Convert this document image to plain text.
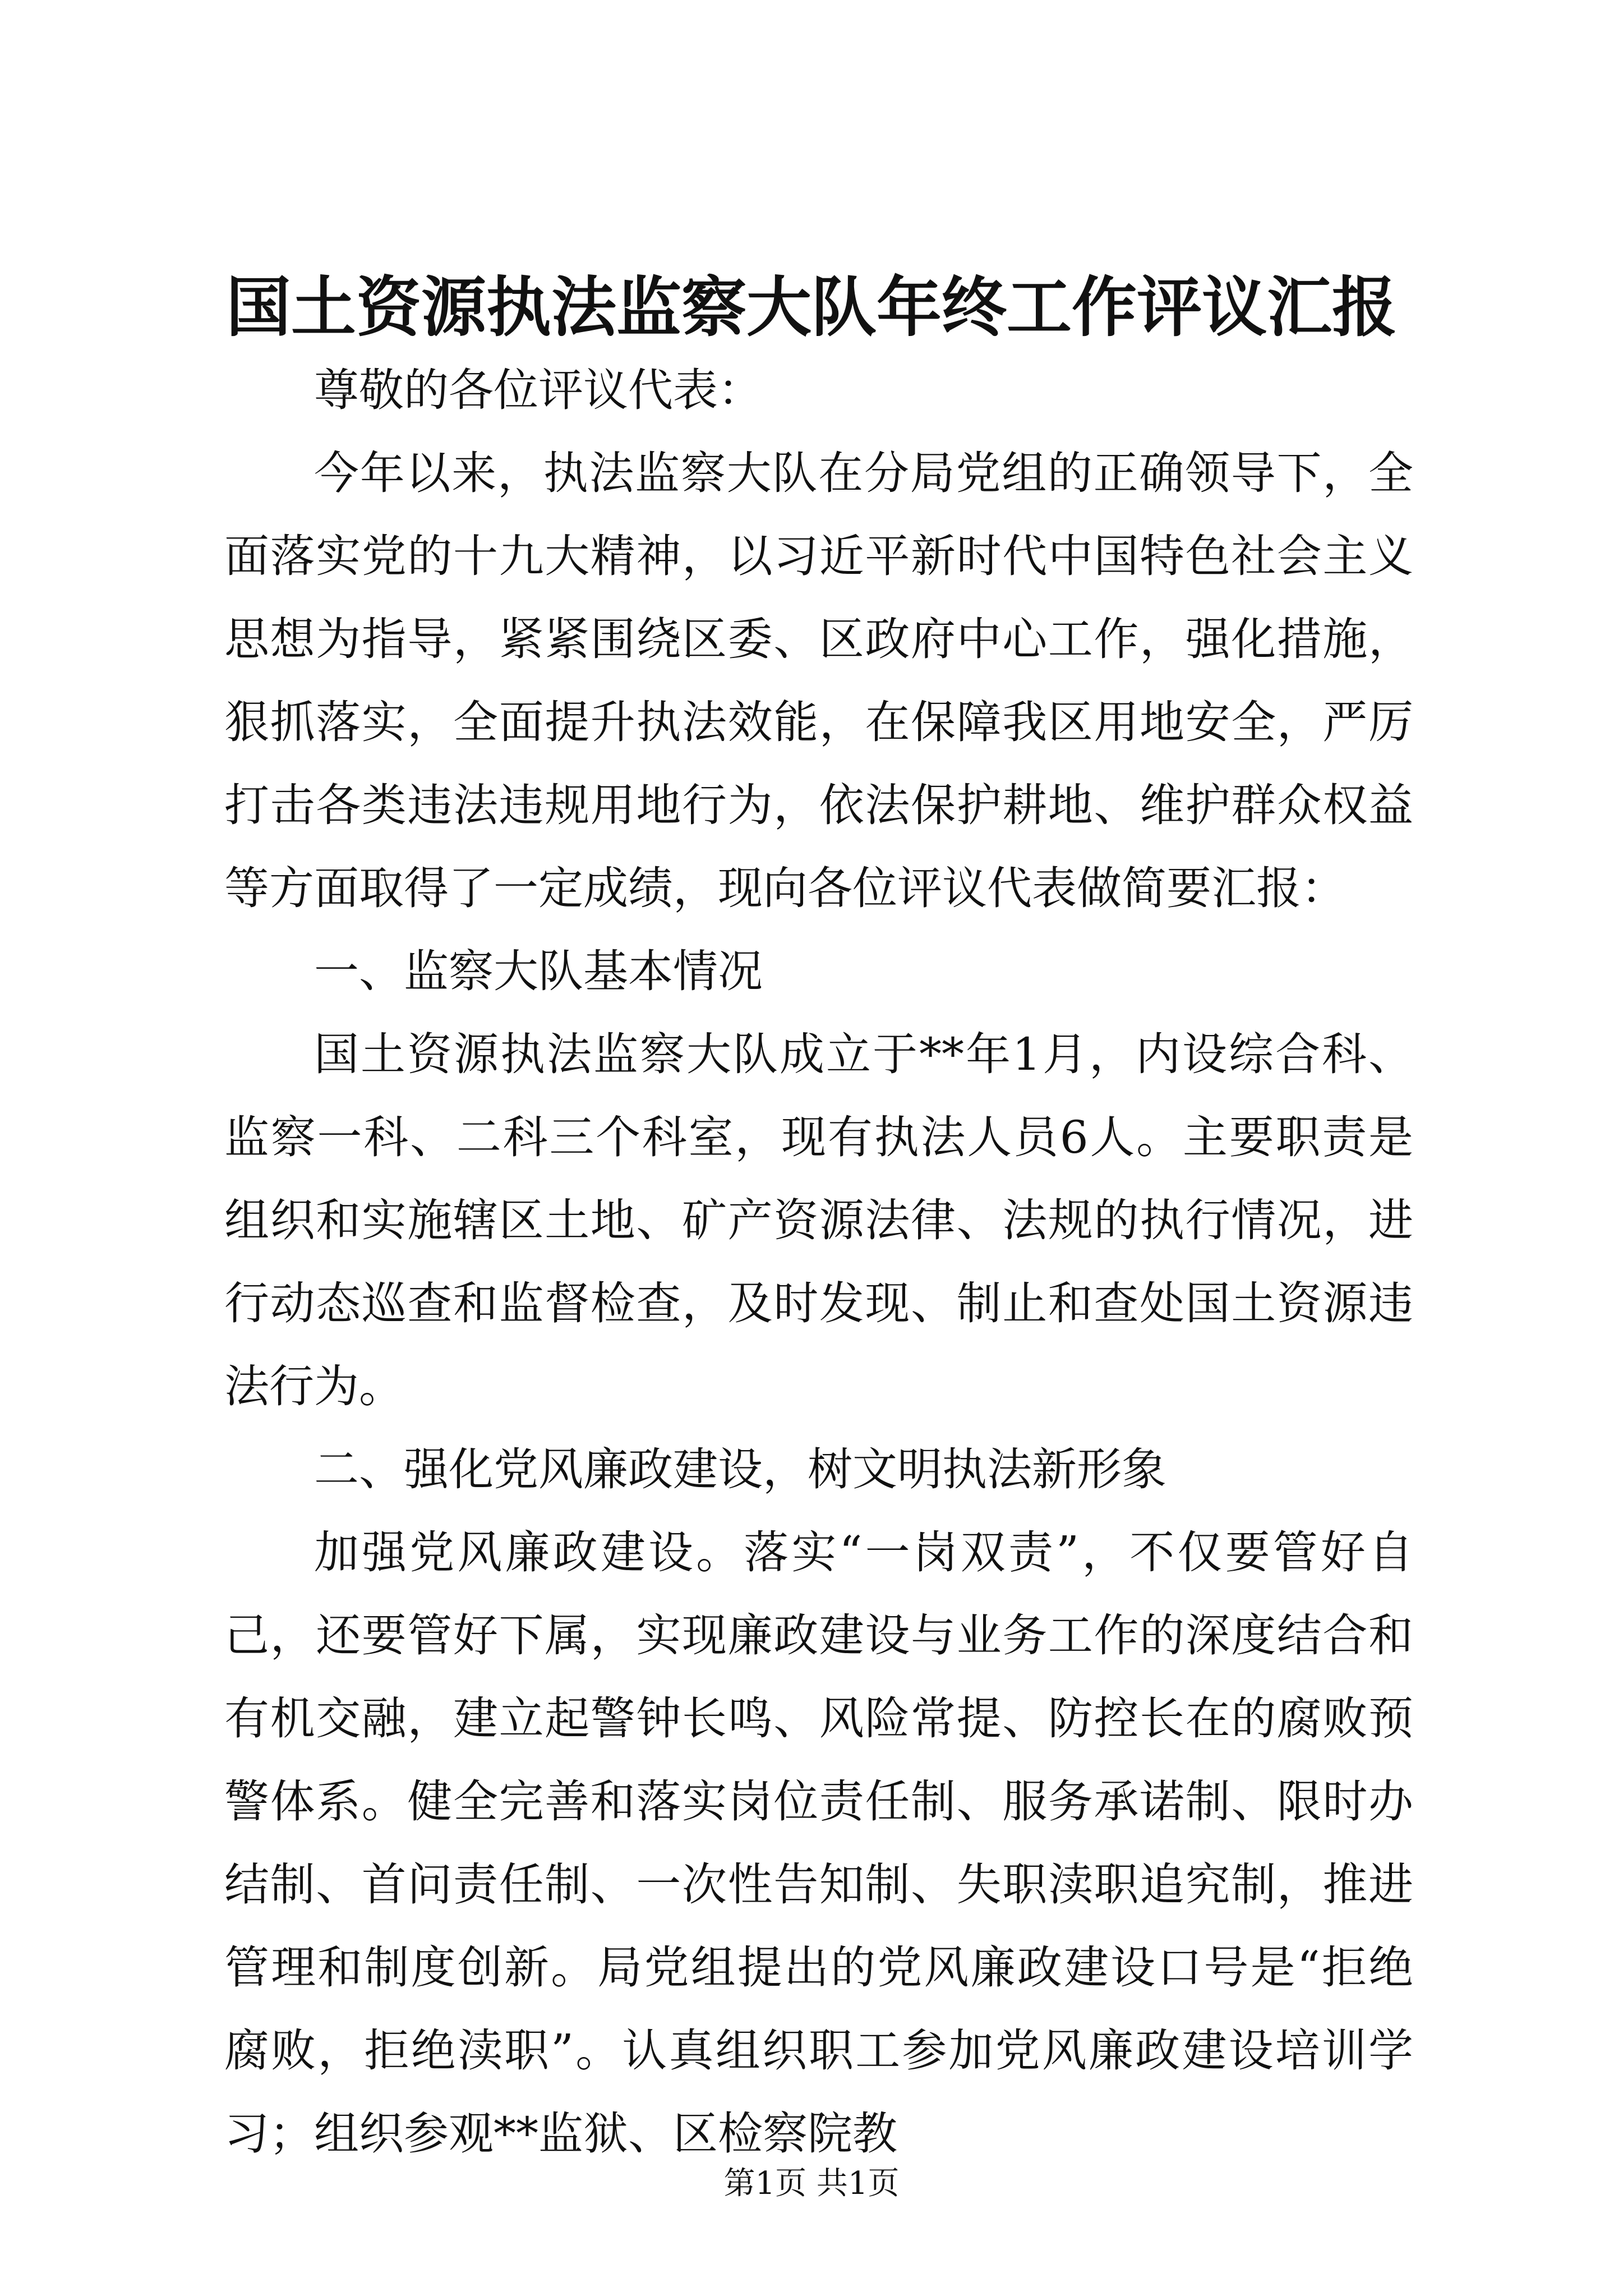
国土资源执法监察大队年终工作评议汇报

尊敬的各位评议代表：

今年以来，执法监察大队在分局党组的正确领导下，全面落实党的十九大精神，以习近平新时代中国特色社会主义思想为指导，紧紧围绕区委、区政府中心工作，强化措施，狠抓落实，全面提升执法效能，在保障我区用地安全，严厉打击各类违法违规用地行为，依法保护耕地、维护群众权益等方面取得了一定成绩，现向各位评议代表做简要汇报：

一、监察大队基本情况

国土资源执法监察大队成立于**年1月，内设综合科、监察一科、二科三个科室，现有执法人员6人。主要职责是组织和实施辖区土地、矿产资源法律、法规的执行情况，进行动态巡查和监督检查，及时发现、制止和查处国土资源违法行为。

二、强化党风廉政建设，树文明执法新形象

加强党风廉政建设。落实“一岗双责”，不仅要管好自己，还要管好下属，实现廉政建设与业务工作的深度结合和有机交融，建立起警钟长鸣、风险常提、防控长在的腐败预警体系。健全完善和落实岗位责任制、服务承诺制、限时办结制、首问责任制、一次性告知制、失职渎职追究制，推进管理和制度创新。局党组提出的党风廉政建设口号是“拒绝腐败，拒绝渎职”。认真组织职工参加党风廉政建设培训学习；组织参观**监狱、区检察院教

第1页 共1页
